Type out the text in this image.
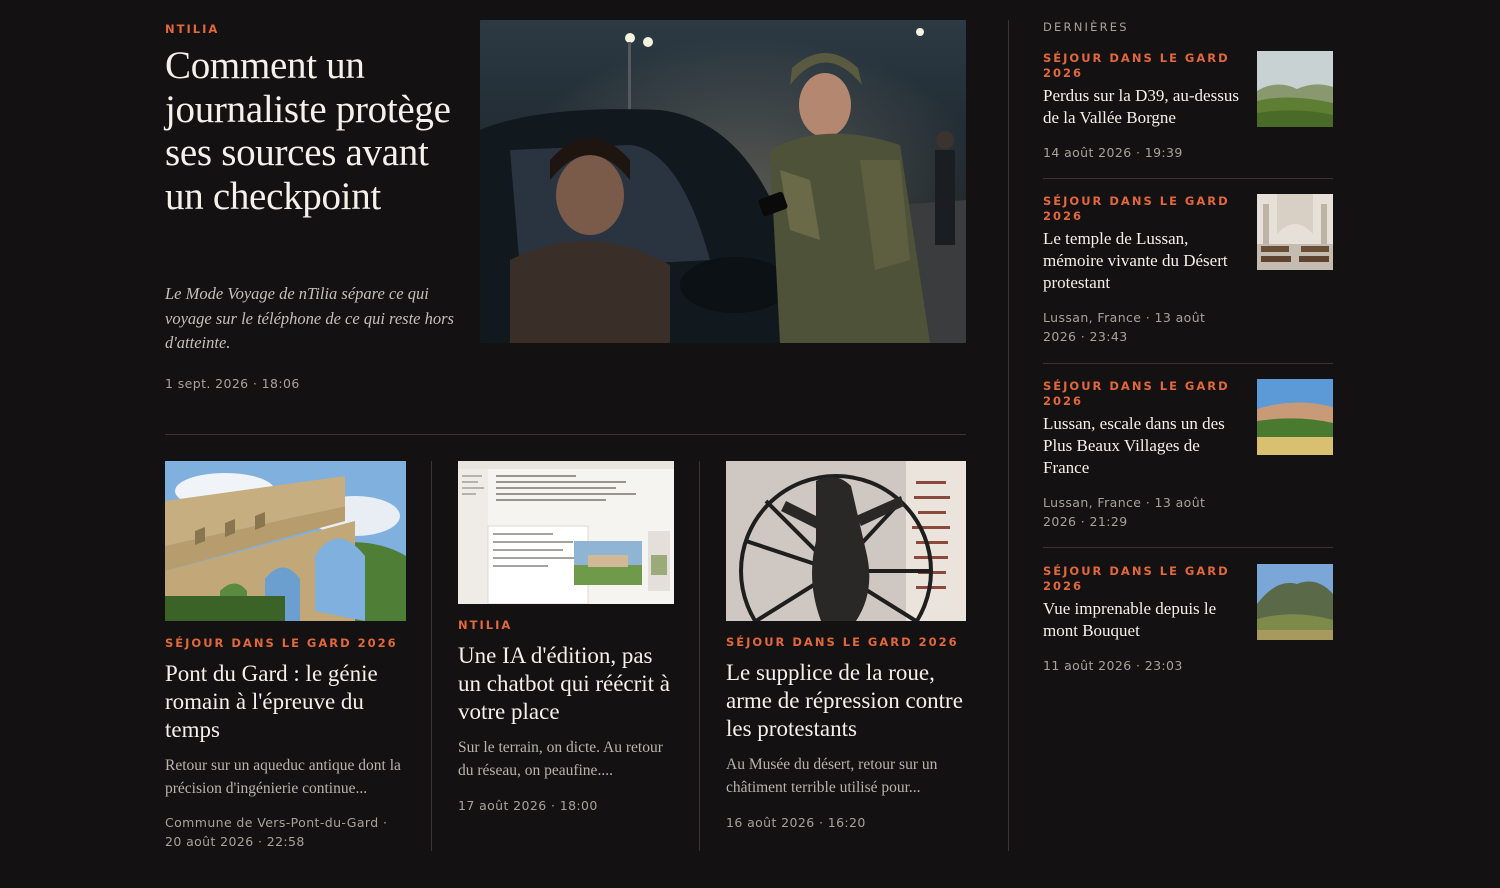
NTILIA
Comment un journaliste protège ses sources avant un checkpoint

Le Mode Voyage de nTilia sépare ce qui voyage sur le téléphone de ce qui reste hors d'atteinte.

1 sept. 2026 · 18:06
SÉJOUR DANS LE GARD 2026
Pont du Gard : le génie romain à l'épreuve du temps
Retour sur un aqueduc antique dont la précision d'ingénierie continue...
Commune de Vers-Pont-du-Gard · 20 août 2026 · 22:58
NTILIA
Une IA d'édition, pas un chatbot qui réécrit à votre place
Sur le terrain, on dicte. Au retour du réseau, on peaufine....
17 août 2026 · 18:00
SÉJOUR DANS LE GARD 2026
Le supplice de la roue, arme de répression contre les protestants
Au Musée du désert, retour sur un châtiment terrible utilisé pour...
16 août 2026 · 16:20
DERNIÈRES
SÉJOUR DANS LE GARD 2026
Perdus sur la D39, au-dessus de la Vallée Borgne
14 août 2026 · 19:39
SÉJOUR DANS LE GARD 2026
Le temple de Lussan, mémoire vivante du Désert protestant
Lussan, France · 13 août 2026 · 23:43
SÉJOUR DANS LE GARD 2026
Lussan, escale dans un des Plus Beaux Villages de France
Lussan, France · 13 août 2026 · 21:29
SÉJOUR DANS LE GARD 2026
Vue imprenable depuis le mont Bouquet
11 août 2026 · 23:03
